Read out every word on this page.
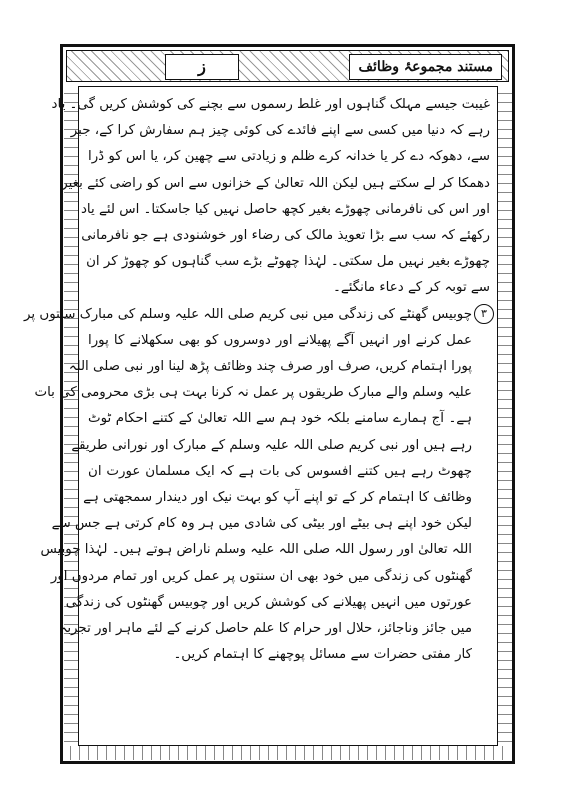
مستند مجموعۂ وظائف
ز
غیبت جیسے مہلک گناہوں اور غلط رسموں سے بچنے کی کوشش کریں گی۔ یاد
رہے کہ دنیا میں کسی سے اپنے فائدے کی کوئی چیز ہم سفارش کرا کے، جبر
سے، دھوکہ دے کر یا خدانہ کرے ظلم و زیادتی سے چھین کر، یا اس کو ڈرا
دھمکا کر لے سکتے ہیں لیکن اللہ تعالیٰ کے خزانوں سے اس کو راضی کئے بغیر
اور اس کی نافرمانی چھوڑے بغیر کچھ حاصل نہیں کیا جاسکتا۔ اس لئے یاد
رکھئے کہ سب سے بڑا تعویذ مالک کی رضاء اور خوشنودی ہے جو نافرمانی
چھوڑے بغیر نہیں مل سکتی۔ لہٰذا چھوٹے بڑے سب گناہوں کو چھوڑ کر ان
سے توبہ کر کے دعاء مانگئے۔
۳
چوبیس گھنٹے کی زندگی میں نبی کریم صلی اللہ علیہ وسلم کی مبارک سنتوں پر
عمل کرنے اور انہیں آگے پھیلانے اور دوسروں کو بھی سکھلانے کا پورا
پورا اہتمام کریں، صرف اور صرف چند وظائف پڑھ لینا اور نبی صلی اللہ
علیہ وسلم والے مبارک طریقوں پر عمل نہ کرنا بہت ہی بڑی محرومی کی بات
ہے۔ آج ہمارے سامنے بلکہ خود ہم سے اللہ تعالیٰ کے کتنے احکام ٹوٹ
رہے ہیں اور نبی کریم صلی اللہ علیہ وسلم کے مبارک اور نورانی طریقے
چھوٹ رہے ہیں کتنے افسوس کی بات ہے کہ ایک مسلمان عورت ان
وظائف کا اہتمام کر کے تو اپنے آپ کو بہت نیک اور دیندار سمجھتی ہے
لیکن خود اپنے ہی بیٹے اور بیٹی کی شادی میں ہر وہ کام کرتی ہے جس سے
اللہ تعالیٰ اور رسول اللہ صلی اللہ علیہ وسلم ناراض ہوتے ہیں۔ لہٰذا چوبیس
گھنٹوں کی زندگی میں خود بھی ان سنتوں پر عمل کریں اور تمام مردوں اور
عورتوں میں انہیں پھیلانے کی کوشش کریں اور چوبیس گھنٹوں کی زندگی
میں جائز وناجائز، حلال اور حرام کا علم حاصل کرنے کے لئے ماہر اور تجربہ
کار مفتی حضرات سے مسائل پوچھنے کا اہتمام کریں۔
